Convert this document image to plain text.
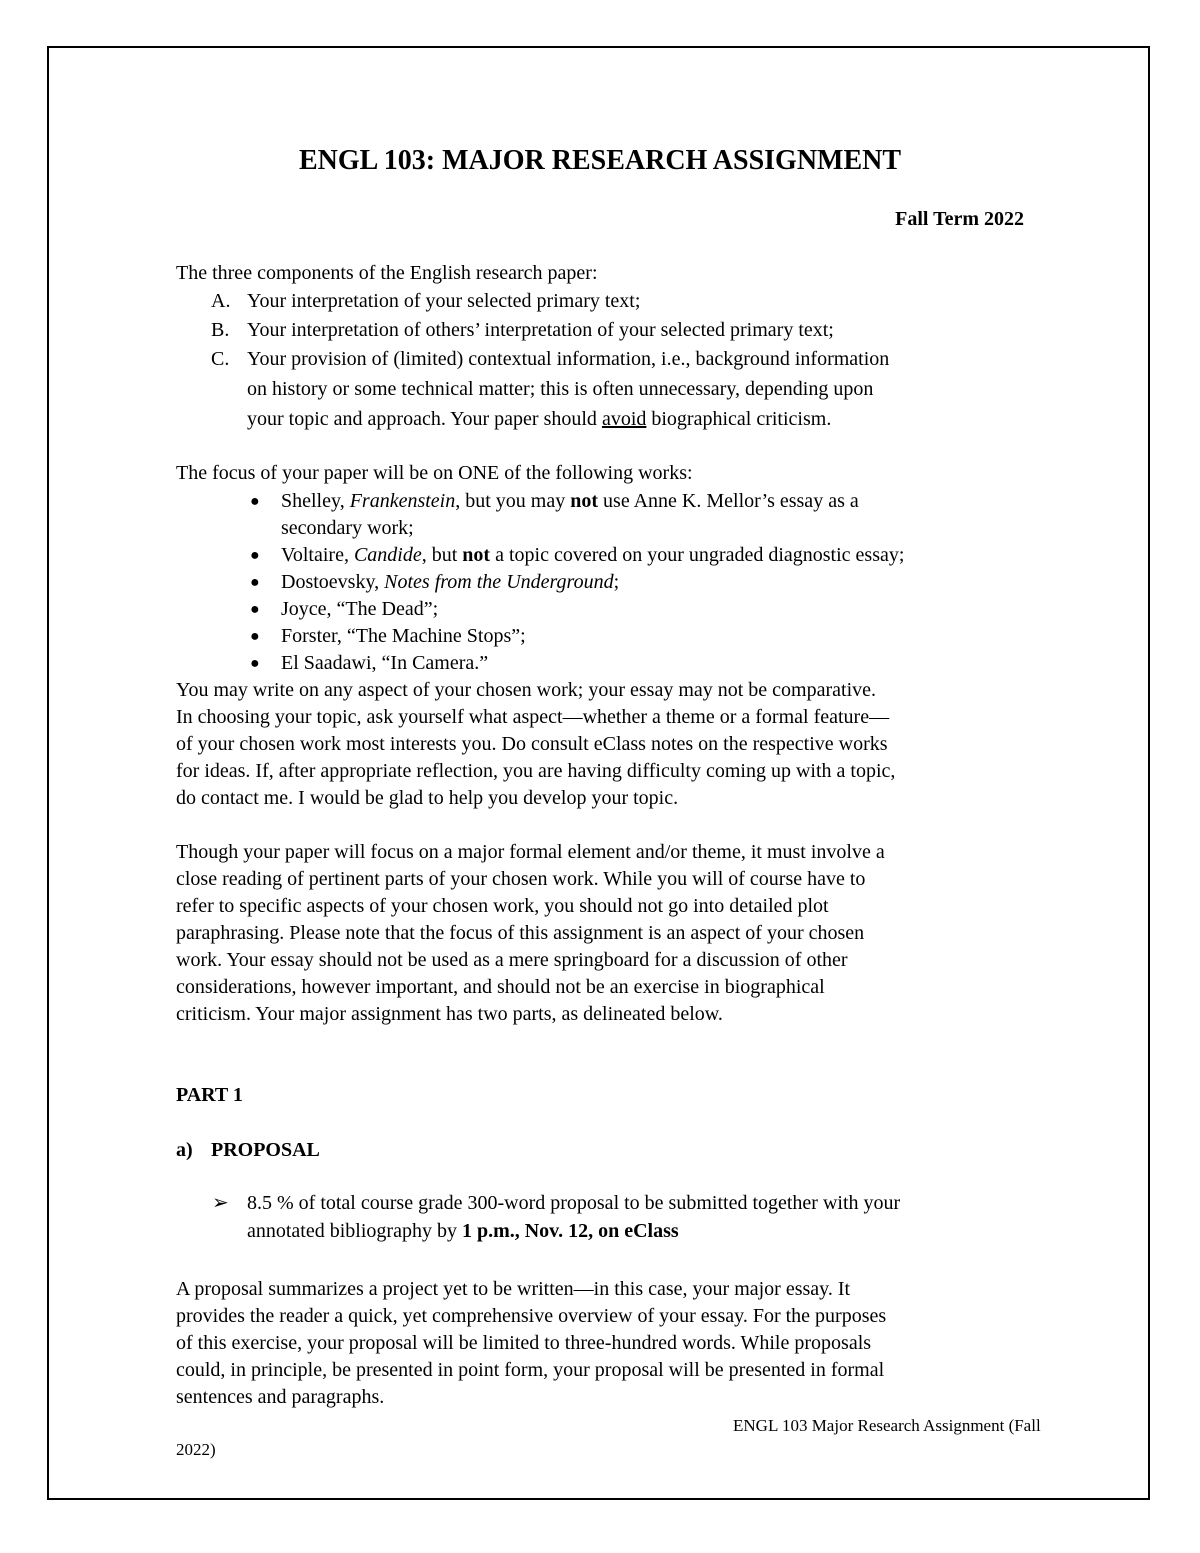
ENGL 103: MAJOR RESEARCH ASSIGNMENT
Fall Term 2022
The three components of the English research paper:
A. Your interpretation of your selected primary text;
B. Your interpretation of others’ interpretation of your selected primary text;
C. Your provision of (limited) contextual information, i.e., background information
on history or some technical matter; this is often unnecessary, depending upon
your topic and approach. Your paper should avoid biographical criticism.
The focus of your paper will be on ONE of the following works:
● Shelley, Frankenstein, but you may not use Anne K. Mellor’s essay as a
secondary work;
● Voltaire, Candide, but not a topic covered on your ungraded diagnostic essay;
● Dostoevsky, Notes from the Underground;
● Joyce, “The Dead”;
● Forster, “The Machine Stops”;
● El Saadawi, “In Camera.”
You may write on any aspect of your chosen work; your essay may not be comparative.
In choosing your topic, ask yourself what aspect—whether a theme or a formal feature—
of your chosen work most interests you. Do consult eClass notes on the respective works
for ideas. If, after appropriate reflection, you are having difficulty coming up with a topic,
do contact me. I would be glad to help you develop your topic.
Though your paper will focus on a major formal element and/or theme, it must involve a
close reading of pertinent parts of your chosen work. While you will of course have to
refer to specific aspects of your chosen work, you should not go into detailed plot
paraphrasing. Please note that the focus of this assignment is an aspect of your chosen
work. Your essay should not be used as a mere springboard for a discussion of other
considerations, however important, and should not be an exercise in biographical
criticism. Your major assignment has two parts, as delineated below.
PART 1
a) PROPOSAL
➢ 8.5 % of total course grade 300-word proposal to be submitted together with your
annotated bibliography by 1 p.m., Nov. 12, on eClass
A proposal summarizes a project yet to be written—in this case, your major essay. It
provides the reader a quick, yet comprehensive overview of your essay. For the purposes
of this exercise, your proposal will be limited to three-hundred words. While proposals
could, in principle, be presented in point form, your proposal will be presented in formal
sentences and paragraphs.
ENGL 103 Major Research Assignment (Fall
2022)
